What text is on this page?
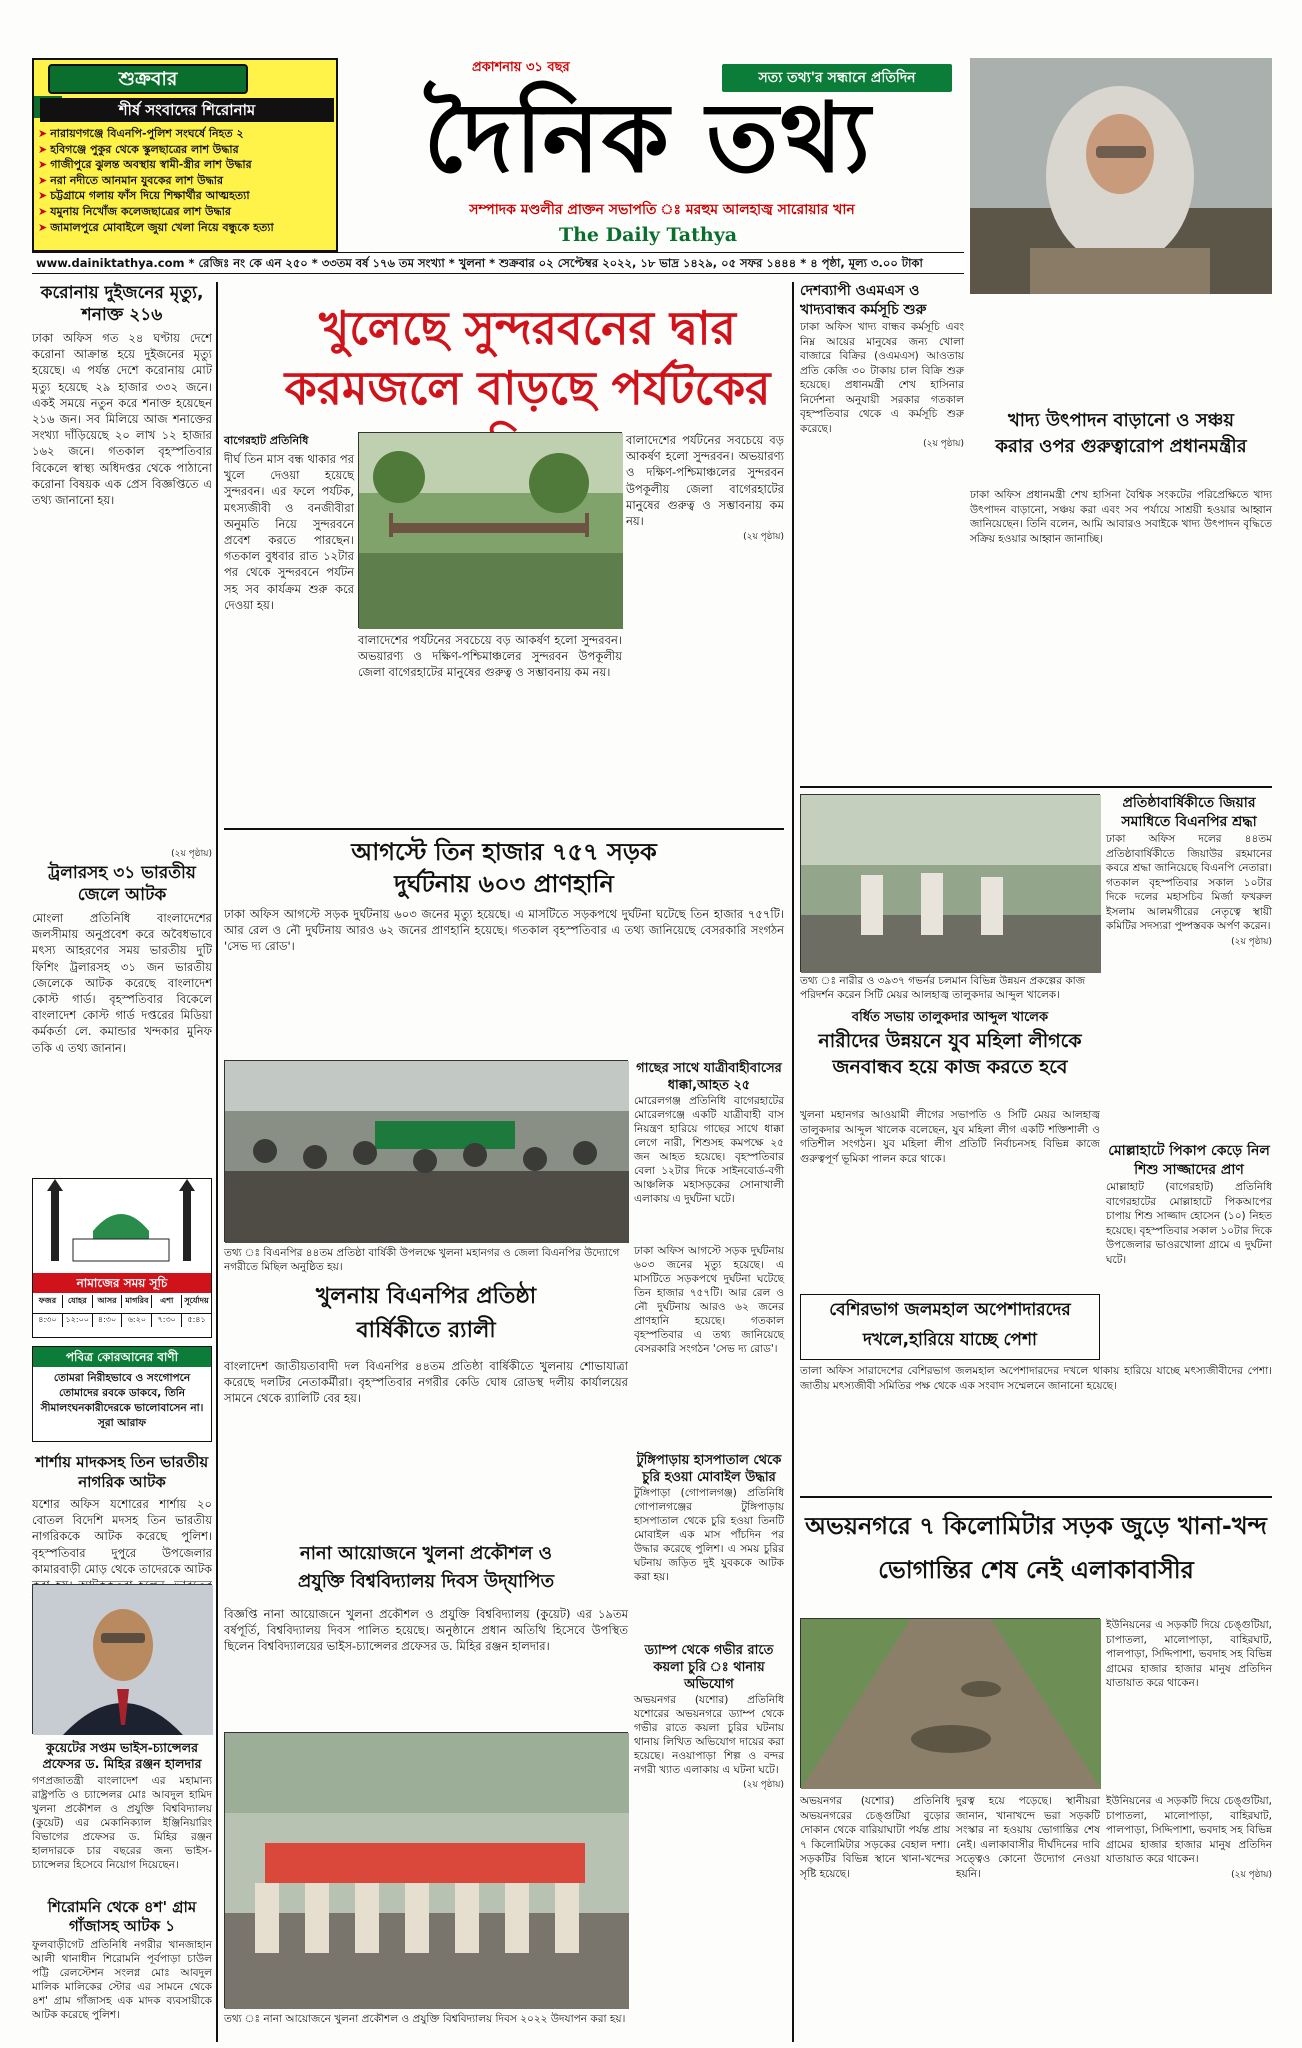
শুক্রবার
শীর্ষ সংবাদের শিরোনাম
➤ নারায়ণগঞ্জে বিএনপি-পুলিশ সংঘর্ষে নিহত ২
➤ হবিগঞ্জে পুকুর থেকে স্কুলছাত্রের লাশ উদ্ধার
➤ গাজীপুরে ঝুলন্ত অবস্থায় স্বামী-স্ত্রীর লাশ উদ্ধার
➤ নরা নদীতে আনমান যুবকের লাশ উদ্ধার
➤ চট্টগ্রামে গলায় ফাঁস দিয়ে শিক্ষার্থীর আত্মহত্যা
➤ যমুনায় নিখোঁজ কলেজছাত্রের লাশ উদ্ধার
➤ জামালপুরে মোবাইলে জুয়া খেলা নিয়ে বন্ধুকে হত্যা
প্রকাশনায় ৩১ বছর
সত্য তথ্য'র সন্ধানে প্রতিদিন
দৈনিক তথ্য
সম্পাদক মণ্ডলীর প্রাক্তন সভাপতি ঃ মরহুম আলহাজ্ব সারোয়ার খান
The Daily Tathya
www.dainiktathya.com * রেজিঃ নং কে এন ২৫০ * ৩৩তম বর্ষ ১৭৬ তম সংখ্যা * খুলনা * শুক্রবার ০২ সেপ্টেম্বর ২০২২, ১৮ ভাদ্র ১৪২৯, ০৫ সফর ১৪৪৪ * ৪ পৃষ্ঠা, মূল্য ৩.০০ টাকা
করোনায় দুইজনের মৃত্যু, শনাক্ত ২১৬
ঢাকা অফিস গত ২৪ ঘণ্টায় দেশে করোনা আক্রান্ত হয়ে দুইজনের মৃত্যু হয়েছে। এ পর্যন্ত দেশে করোনায় মোট মৃত্যু হয়েছে ২৯ হাজার ৩৩২ জনে। একই সময়ে নতুন করে শনাক্ত হয়েছেন ২১৬ জন। সব মিলিয়ে আজ শনাক্তের সংখ্যা দাঁড়িয়েছে ২০ লাখ ১২ হাজার ১৬২ জনে। গতকাল বৃহস্পতিবার বিকেলে স্বাস্থ্য অধিদপ্তর থেকে পাঠানো করোনা বিষয়ক এক প্রেস বিজ্ঞপ্তিতে এ তথ্য জানানো হয়।
(২য় পৃষ্ঠায়)
ট্রলারসহ ৩১ ভারতীয় জেলে আটক
মোংলা প্রতিনিধি বাংলাদেশের জলসীমায় অনুপ্রবেশ করে অবৈধভাবে মৎস্য আহরণের সময় ভারতীয় দুটি ফিশিং ট্রলারসহ ৩১ জন ভারতীয় জেলেকে আটক করেছে বাংলাদেশ কোস্ট গার্ড। বৃহস্পতিবার বিকেলে বাংলাদেশ কোস্ট গার্ড দপ্তরের মিডিয়া কর্মকর্তা লে. কমান্ডার খন্দকার মুনিফ তকি এ তথ্য জানান।
নামাজের সময় সূচি
ফজর	যোহর	আসর	মাগরিব	এশা	সূর্যোদয়
৪:৩০	১২:০০	৪:৩০	৬:২০	৭:৩০	৫:৪১
পবিত্র কোরআনের বাণী
তোমরা নিরীহভাবে ও সংগোপনে তোমাদের রবকে ডাকবে, তিনি সীমালংঘনকারীদেরকে ভালোবাসেন না। সূরা আরাফ
শার্শায় মাদকসহ তিন ভারতীয় নাগরিক আটক
যশোর অফিস যশোরের শার্শায় ২০ বোতল বিদেশি মদসহ তিন ভারতীয় নাগরিককে আটক করেছে পুলিশ। বৃহস্পতিবার দুপুরে উপজেলার কামারবাড়ী মোড় থেকে তাদেরকে আটক
কুয়েটের সপ্তম ভাইস-চ্যান্সেলর প্রফেসর ড. মিহির রঞ্জন হালদার
গণপ্রজাতন্ত্রী বাংলাদেশ এর মহামান্য রাষ্ট্রপতি ও চ্যান্সেলর মোঃ আবদুল হামিদ খুলনা প্রকৌশল ও প্রযুক্তি বিশ্ববিদ্যালয় (কুয়েট) এর মেকানিক্যাল ইঞ্জিনিয়ারিং বিভাগের প্রফেসর ড. মিহির রঞ্জন হালদারকে চার বছরের জন্য ভাইস-চ্যান্সেলর হিসেবে নিয়োগ দিয়েছেন।
শিরোমনি থেকে ৪শ' গ্রাম গাঁজাসহ আটক ১
ফুলবাড়ীগেট প্রতিনিধি নগরীর খানজাহান আলী থানাধীন শিরোমনি পূর্বপাড়া চাউল পট্টি রেলস্টেশন সংলগ্ন মোঃ আবদুল মালিক মালিকের স্টোর এর সামনে থেকে ৪শ' গ্রাম গাঁজাসহ এক মাদক ব্যবসায়ীকে আটক করেছে পুলিশ।
খুলেছে সুন্দরবনের দ্বার
করমজলে বাড়ছে পর্যটকের
বাগেরহাট প্রতিনিধি
দীর্ঘ তিন মাস বন্ধ থাকার পর খুলে দেওয়া হয়েছে সুন্দরবন। এর ফলে পর্যটক, মৎস্যজীবী ও বনজীবীরা অনুমতি নিয়ে সুন্দরবনে প্রবেশ করতে পারছেন। গতকাল বুধবার রাত ১২টার পর থেকে সুন্দরবনে পর্যটন সহ সব কার্যক্রম শুরু করে দেওয়া হয়।
বালাদেশের পর্যটনের সবচেয়ে বড় আকর্ষণ হলো সুন্দরবন। অভয়ারণ্য ও দক্ষিণ-পশ্চিমাঞ্চলের সুন্দরবন উপকূলীয় জেলা বাগেরহাটের মানুষের গুরুত্ব ও সম্ভাবনায় কম নয়।
বালাদেশের পর্যটনের সবচেয়ে বড় আকর্ষণ হলো সুন্দরবন। অভয়ারণ্য ও দক্ষিণ-পশ্চিমাঞ্চলের সুন্দরবন উপকূলীয় জেলা বাগেরহাটের মানুষের গুরুত্ব ও সম্ভাবনায় কম নয়।
(২য় পৃষ্ঠায়)
আগস্টে তিন হাজার ৭৫৭ সড়ক
দুর্ঘটনায় ৬০৩ প্রাণহানি
ঢাকা অফিস আগস্টে সড়ক দুর্ঘটনায় ৬০৩ জনের মৃত্যু হয়েছে। এ মাসটিতে সড়কপথে দুর্ঘটনা ঘটেছে তিন হাজার ৭৫৭টি। আর রেল ও নৌ দুর্ঘটনায় আরও ৬২ জনের প্রাণহানি হয়েছে। গতকাল বৃহস্পতিবার এ তথ্য জানিয়েছে বেসরকারি সংগঠন 'সেভ দ্য রোড'।
তথ্য ঃ বিএনপির ৪৪তম প্রতিষ্ঠা বার্ষিকী উপলক্ষে খুলনা মহানগর ও জেলা বিএনপির উদ্যোগে নগরীতে মিছিল অনুষ্ঠিত হয়।
খুলনায় বিএনপির প্রতিষ্ঠা
বার্ষিকীতে র‌্যালী
বাংলাদেশ জাতীয়তাবাদী দল বিএনপির ৪৪তম প্রতিষ্ঠা বার্ষিকীতে খুলনায় শোভাযাত্রা করেছে দলটির নেতাকর্মীরা। বৃহস্পতিবার নগরীর কেডি ঘোষ রোডস্থ দলীয় কার্যালয়ের সামনে থেকে র‌্যালিটি বের হয়।
নানা আয়োজনে খুলনা প্রকৌশল ও
প্রযুক্তি বিশ্ববিদ্যালয় দিবস উদ্‌যাপিত
বিজ্ঞপ্তি নানা আয়োজনে খুলনা প্রকৌশল ও প্রযুক্তি বিশ্ববিদ্যালয় (কুয়েট) এর ১৯তম বর্ষপূর্তি, বিশ্ববিদ্যালয় দিবস পালিত হয়েছে। অনুষ্ঠানে প্রধান অতিথি হিসেবে উপস্থিত ছিলেন বিশ্ববিদ্যালয়ের ভাইস-চ্যান্সেলর প্রফেসর ড. মিহির রঞ্জন হালদার।
তথ্য ঃ নানা আয়োজনে খুলনা প্রকৌশল ও প্রযুক্তি বিশ্ববিদ্যালয় দিবস ২০২২ উদযাপন করা হয়।
গাছের সাথে যাত্রীবাহীবাসের ধাক্কা,আহত ২৫
মোরেলগঞ্জ প্রতিনিধি বাগেরহাটের মোরেলগঞ্জে একটি যাত্রীবাহী বাস নিয়ন্ত্রণ হারিয়ে গাছের সাথে ধাক্কা লেগে নারী, শিশুসহ কমপক্ষে ২৫ জন আহত হয়েছে। বৃহস্পতিবার বেলা ১২টার দিকে সাইনবোর্ড-বগী আঞ্চলিক মহাসড়কের সোনাখালী এলাকায় এ দুর্ঘটনা ঘটে।
ঢাকা অফিস আগস্টে সড়ক দুর্ঘটনায় ৬০৩ জনের মৃত্যু হয়েছে। এ মাসটিতে সড়কপথে দুর্ঘটনা ঘটেছে তিন হাজার ৭৫৭টি। আর রেল ও নৌ দুর্ঘটনায় আরও ৬২ জনের প্রাণহানি হয়েছে। গতকাল বৃহস্পতিবার এ তথ্য জানিয়েছে বেসরকারি সংগঠন 'সেভ দ্য রোড'।
টুঙ্গিপাড়ায় হাসপাতাল থেকে চুরি হওয়া মোবাইল উদ্ধার
টুঙ্গিপাড়া (গোপালগঞ্জ) প্রতিনিধি গোপালগঞ্জের টুঙ্গিপাড়ায় হাসপাতাল থেকে চুরি হওয়া তিনটি মোবাইল এক মাস পাঁচদিন পর উদ্ধার করেছে পুলিশ। এ সময় চুরির ঘটনায় জড়িত দুই যুবককে আটক করা হয়।
ড্যাম্প থেকে গভীর রাতে কয়লা চুরি ঃ থানায় অভিযোগ
অভয়নগর (যশোর) প্রতিনিধি যশোরের অভয়নগরে ড্যাম্প থেকে গভীর রাতে কয়লা চুরির ঘটনায় থানায় লিখিত অভিযোগ দায়ের করা হয়েছে। নওয়াপাড়া শিল্প ও বন্দর নগরী খ্যাত এলাকায় এ ঘটনা ঘটে।
(২য় পৃষ্ঠায়)
দেশব্যাপী ওএমএস ও খাদ্যবান্ধব কর্মসূচি শুরু
ঢাকা অফিস খাদ্য বান্ধব কর্মসূচি এবং নিম্ন আয়ের মানুষের জন্য খোলা বাজারে বিক্রির (ওএমএস) আওতায় প্রতি কেজি ৩০ টাকায় চাল বিক্রি শুরু হয়েছে। প্রধানমন্ত্রী শেখ হাসিনার নির্দেশনা অনুযায়ী সরকার গতকাল বৃহস্পতিবার থেকে এ কর্মসূচি শুরু করেছে।
(২য় পৃষ্ঠায়)
খাদ্য উৎপাদন বাড়ানো ও সঞ্চয়
করার ওপর গুরুত্বারোপ প্রধানমন্ত্রীর
ঢাকা অফিস প্রধানমন্ত্রী শেখ হাসিনা বৈশ্বিক সংকটের পরিপ্রেক্ষিতে খাদ্য উৎপাদন বাড়ানো, সঞ্চয় করা এবং সব পর্যায়ে সাশ্রয়ী হওয়ার আহ্বান জানিয়েছেন। তিনি বলেন, আমি আবারও সবাইকে খাদ্য উৎপাদন বৃদ্ধিতে সক্রিয় হওয়ার আহ্বান জানাচ্ছি।
তথ্য ঃ নারীর ও ৩৯৩৭ গভর্নর চলমান বিভিন্ন উন্নয়ন প্রকল্পের কাজ পরিদর্শন করেন সিটি মেয়র আলহাজ্ব তালুকদার আব্দুল খালেক।
প্রতিষ্ঠাবার্ষিকীতে জিয়ার সমাধিতে বিএনপির শ্রদ্ধা
ঢাকা অফিস দলের ৪৪তম প্রতিষ্ঠাবার্ষিকীতে জিয়াউর রহমানের কবরে শ্রদ্ধা জানিয়েছে বিএনপি নেতারা। গতকাল বৃহস্পতিবার সকাল ১০টার দিকে দলের মহাসচিব মির্জা ফখরুল ইসলাম আলমগীরের নেতৃত্বে স্থায়ী কমিটির সদস্যরা পুষ্পস্তবক অর্পণ করেন।
(২য় পৃষ্ঠায়)
বর্ধিত সভায় তালুকদার আব্দুল খালেক
নারীদের উন্নয়নে যুব মহিলা লীগকে
জনবান্ধব হয়ে কাজ করতে হবে
খুলনা মহানগর আওয়ামী লীগের সভাপতি ও সিটি মেয়র আলহাজ্ব তালুকদার আব্দুল খালেক বলেছেন, যুব মহিলা লীগ একটি শক্তিশালী ও গতিশীল সংগঠন। যুব মহিলা লীগ প্রতিটি নির্বাচনসহ বিভিন্ন কাজে গুরুত্বপূর্ণ ভূমিকা পালন করে থাকে।	মোল্লাহাটে পিকাপ কেড়ে নিল শিশু সাজ্জাদের প্রাণ
মোল্লাহাট (বাগেরহাট) প্রতিনিধি বাগেরহাটের মোল্লাহাটে পিকআপের চাপায় শিশু সাজ্জাদ হোসেন (১০) নিহত হয়েছে। বৃহস্পতিবার সকাল ১০টার দিকে উপজেলার ভাওরখোলা গ্রামে এ দুর্ঘটনা ঘটে।
বেশিরভাগ জলমহাল অপেশাদারদের
দখলে,হারিয়ে যাচ্ছে পেশা
তালা অফিস সারাদেশের বেশিরভাগ জলমহাল অপেশাদারদের দখলে থাকায় হারিয়ে যাচ্ছে মৎস্যজীবীদের পেশা। জাতীয় মৎস্যজীবী সমিতির পক্ষ থেকে এক সংবাদ সম্মেলনে জানানো হয়েছে।
অভয়নগরে ৭ কিলোমিটার সড়ক জুড়ে খানা-খন্দ
ভোগান্তির শেষ নেই এলাকাবাসীর
ইউনিয়নের এ সড়কটি দিয়ে চেঙ্গুটিয়া, চাপাতলা, মালোপাড়া, বাহিরঘাট, পালপাড়া, সিদ্দিপাশা, ভবদাহ সহ বিভিন্ন গ্রামের হাজার হাজার মানুষ প্রতিদিন যাতায়াত করে থাকেন।
অভয়নগর (যশোর) প্রতিনিধি অভয়নগরের চেঙ্গুটিয়া বুড়োর দোকান থেকে বারিয়াঘাটা পর্যন্ত প্রায় ৭ কিলোমিটার সড়কের বেহাল দশা। সড়কটির বিভিন্ন স্থানে খানা-খন্দের সৃষ্টি হয়েছে।
দুরত্ব হয়ে পড়েছে। স্থানীয়রা জানান, খানাখন্দে ভরা সড়কটি সংস্কার না হওয়ায় ভোগান্তির শেষ নেই। এলাকাবাসীর দীর্ঘদিনের দাবি সত্ত্বেও কোনো উদ্যোগ নেওয়া হয়নি।
ইউনিয়নের এ সড়কটি দিয়ে চেঙ্গুটিয়া, চাপাতলা, মালোপাড়া, বাহিরঘাট, পালপাড়া, সিদ্দিপাশা, ভবদাহ সহ বিভিন্ন গ্রামের হাজার হাজার মানুষ প্রতিদিন যাতায়াত করে থাকেন।
(২য় পৃষ্ঠায়)
